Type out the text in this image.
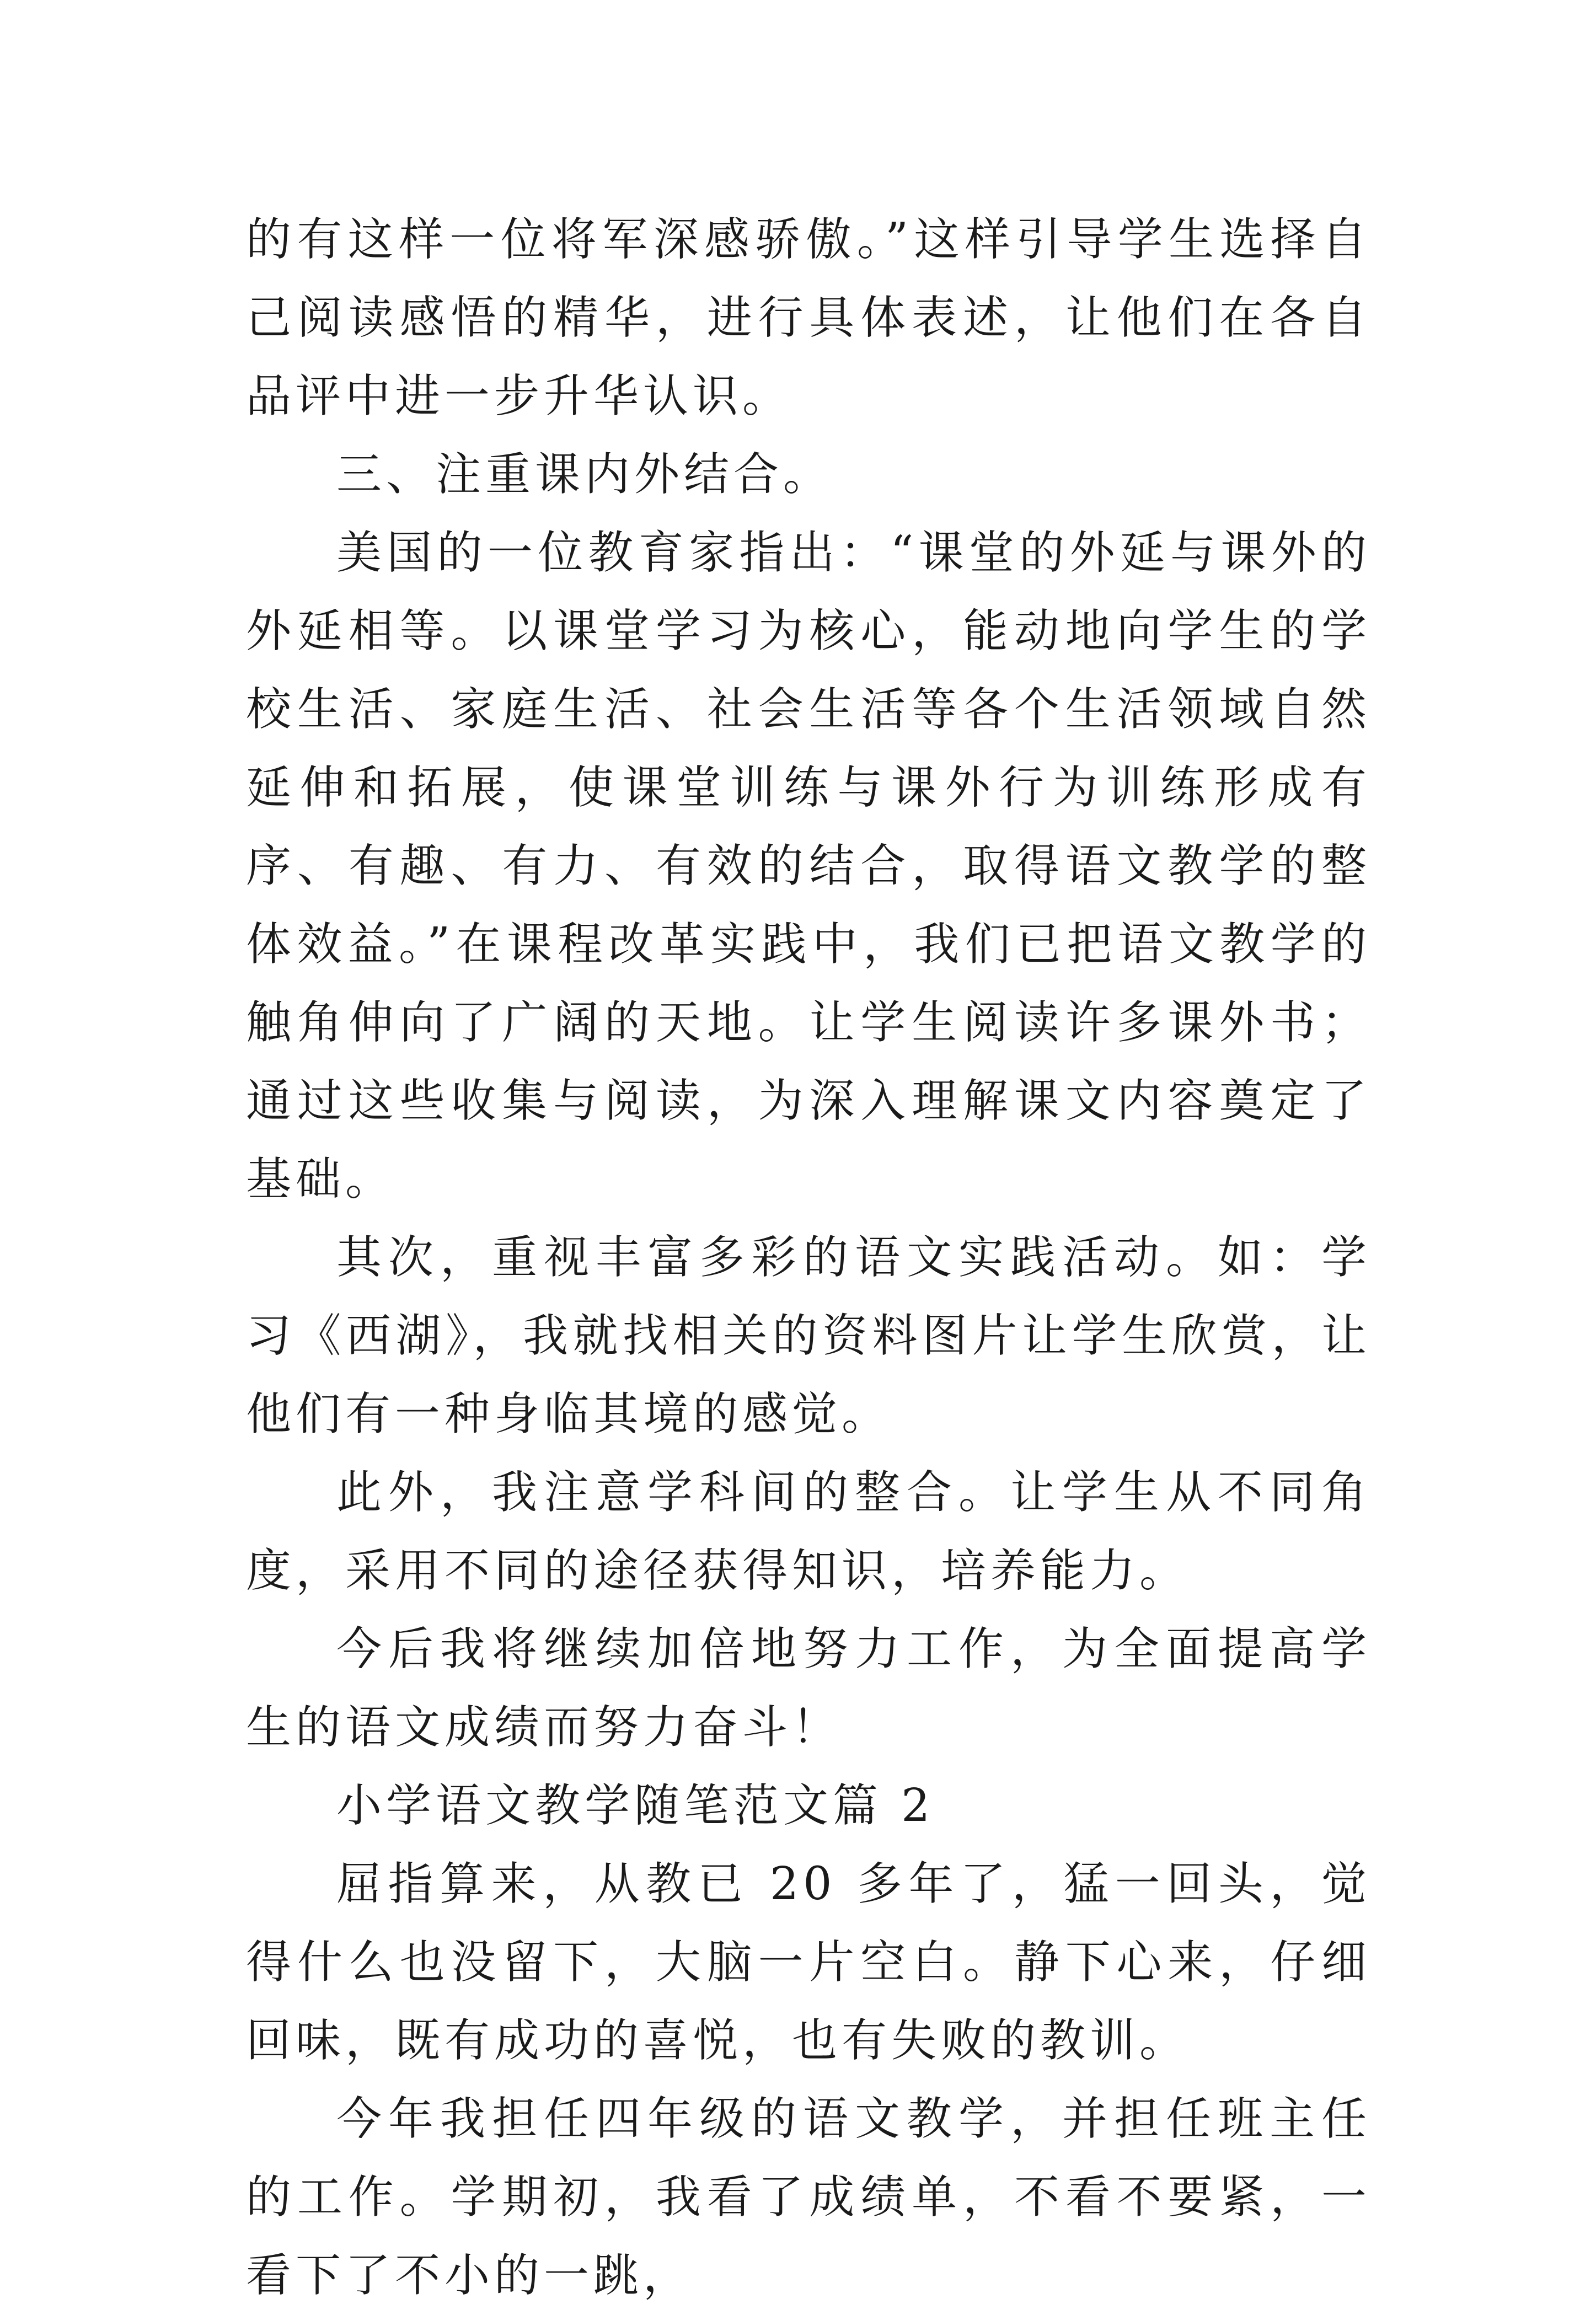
的有这样一位将军深感骄傲。”这样引导学生选择自己阅读感悟的精华，进行具体表述，让他们在各自品评中进一步升华认识。

三、注重课内外结合。

美国的一位教育家指出：“课堂的外延与课外的外延相等。以课堂学习为核心，能动地向学生的学校生活、家庭生活、社会生活等各个生活领域自然延伸和拓展，使课堂训练与课外行为训练形成有序、有趣、有力、有效的结合，取得语文教学的整体效益。”在课程改革实践中，我们已把语文教学的触角伸向了广阔的天地。让学生阅读许多课外书；通过这些收集与阅读，为深入理解课文内容奠定了基础。

其次，重视丰富多彩的语文实践活动。如：学习《西湖》，我就找相关的资料图片让学生欣赏，让他们有一种身临其境的感觉。

此外，我注意学科间的整合。让学生从不同角度，采用不同的途径获得知识，培养能力。

今后我将继续加倍地努力工作，为全面提高学生的语文成绩而努力奋斗！

小学语文教学随笔范文篇 2

屈指算来，从教已 20 多年了，猛一回头，觉得什么也没留下，大脑一片空白。静下心来，仔细回味，既有成功的喜悦，也有失败的教训。

今年我担任四年级的语文教学，并担任班主任的工作。学期初，我看了成绩单，不看不要紧，一看下了不小的一跳，
